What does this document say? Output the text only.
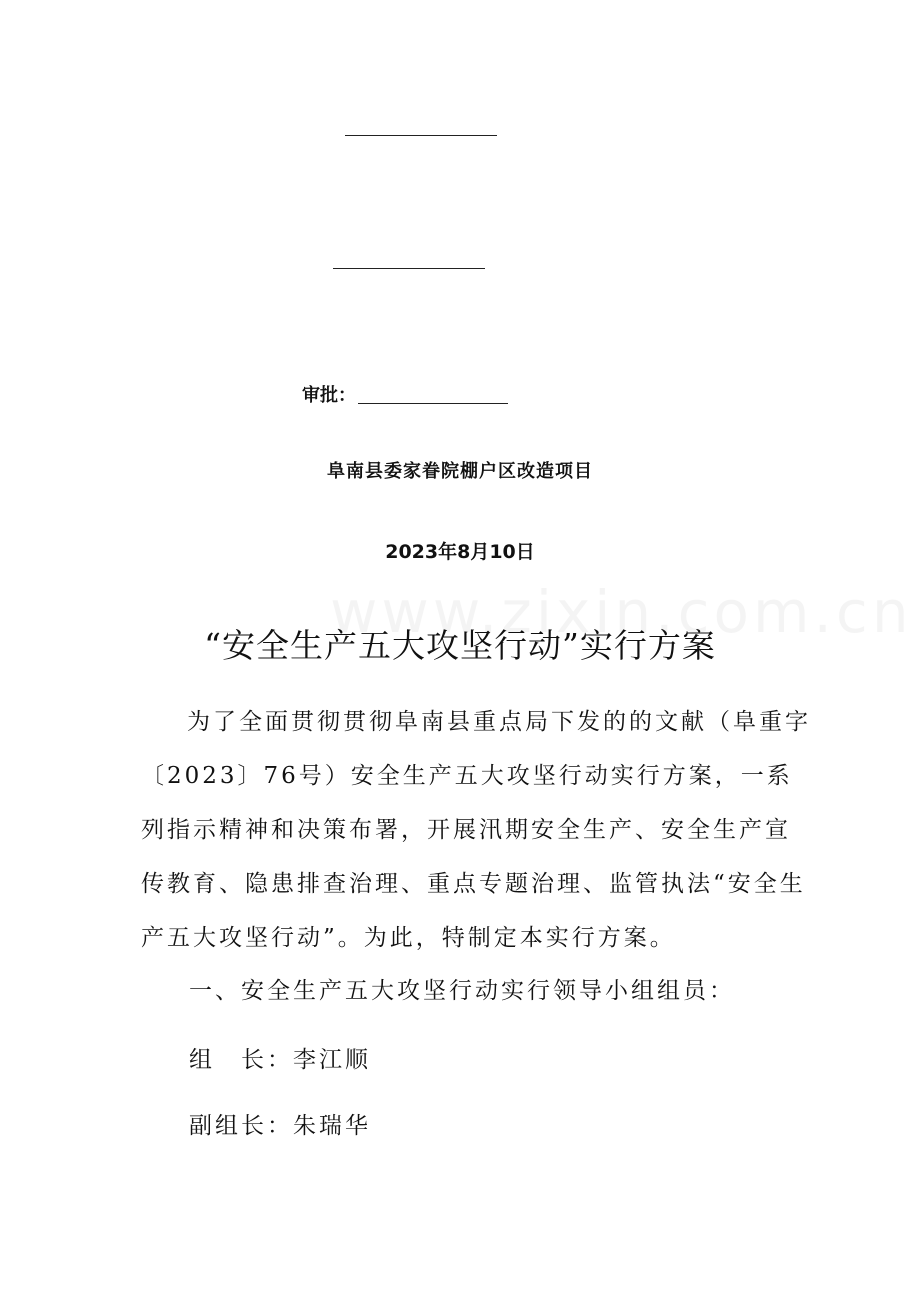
审批：
阜南县委家眷院棚户区改造项目
2023年8月10日
“安全生产五大攻坚行动”实行方案

为了全面贯彻贯彻阜南县重点局下发的的文献（阜重字〔2023〕76号）安全生产五大攻坚行动实行方案，一系列指示精神和决策布署，开展汛期安全生产、安全生产宣传教育、隐患排查治理、重点专题治理、监管执法“安全生产五大攻坚行动”。为此，特制定本实行方案。

一、安全生产五大攻坚行动实行领导小组组员：
组　长：李江顺
副组长：朱瑞华
